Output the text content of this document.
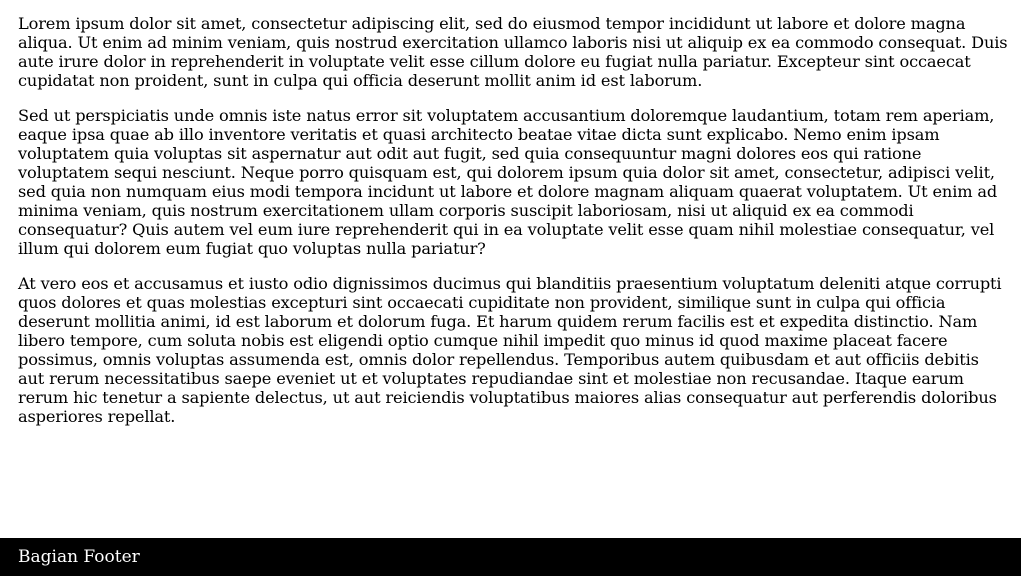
Lorem ipsum dolor sit amet, consectetur adipiscing elit, sed do eiusmod tempor incididunt ut labore et dolore magna aliqua. Ut enim ad minim veniam, quis nostrud exercitation ullamco laboris nisi ut aliquip ex ea commodo consequat. Duis aute irure dolor in reprehenderit in voluptate velit esse cillum dolore eu fugiat nulla pariatur. Excepteur sint occaecat cupidatat non proident, sunt in culpa qui officia deserunt mollit anim id est laborum.

Sed ut perspiciatis unde omnis iste natus error sit voluptatem accusantium doloremque laudantium, totam rem aperiam, eaque ipsa quae ab illo inventore veritatis et quasi architecto beatae vitae dicta sunt explicabo. Nemo enim ipsam voluptatem quia voluptas sit aspernatur aut odit aut fugit, sed quia consequuntur magni dolores eos qui ratione voluptatem sequi nesciunt. Neque porro quisquam est, qui dolorem ipsum quia dolor sit amet, consectetur, adipisci velit, sed quia non numquam eius modi tempora incidunt ut labore et dolore magnam aliquam quaerat voluptatem. Ut enim ad minima veniam, quis nostrum exercitationem ullam corporis suscipit laboriosam, nisi ut aliquid ex ea commodi consequatur? Quis autem vel eum iure reprehenderit qui in ea voluptate velit esse quam nihil molestiae consequatur, vel illum qui dolorem eum fugiat quo voluptas nulla pariatur?

At vero eos et accusamus et iusto odio dignissimos ducimus qui blanditiis praesentium voluptatum deleniti atque corrupti quos dolores et quas molestias excepturi sint occaecati cupiditate non provident, similique sunt in culpa qui officia deserunt mollitia animi, id est laborum et dolorum fuga. Et harum quidem rerum facilis est et expedita distinctio. Nam libero tempore, cum soluta nobis est eligendi optio cumque nihil impedit quo minus id quod maxime placeat facere possimus, omnis voluptas assumenda est, omnis dolor repellendus. Temporibus autem quibusdam et aut officiis debitis aut rerum necessitatibus saepe eveniet ut et voluptates repudiandae sint et molestiae non recusandae. Itaque earum rerum hic tenetur a sapiente delectus, ut aut reiciendis voluptatibus maiores alias consequatur aut perferendis doloribus asperiores repellat.

Bagian Footer
